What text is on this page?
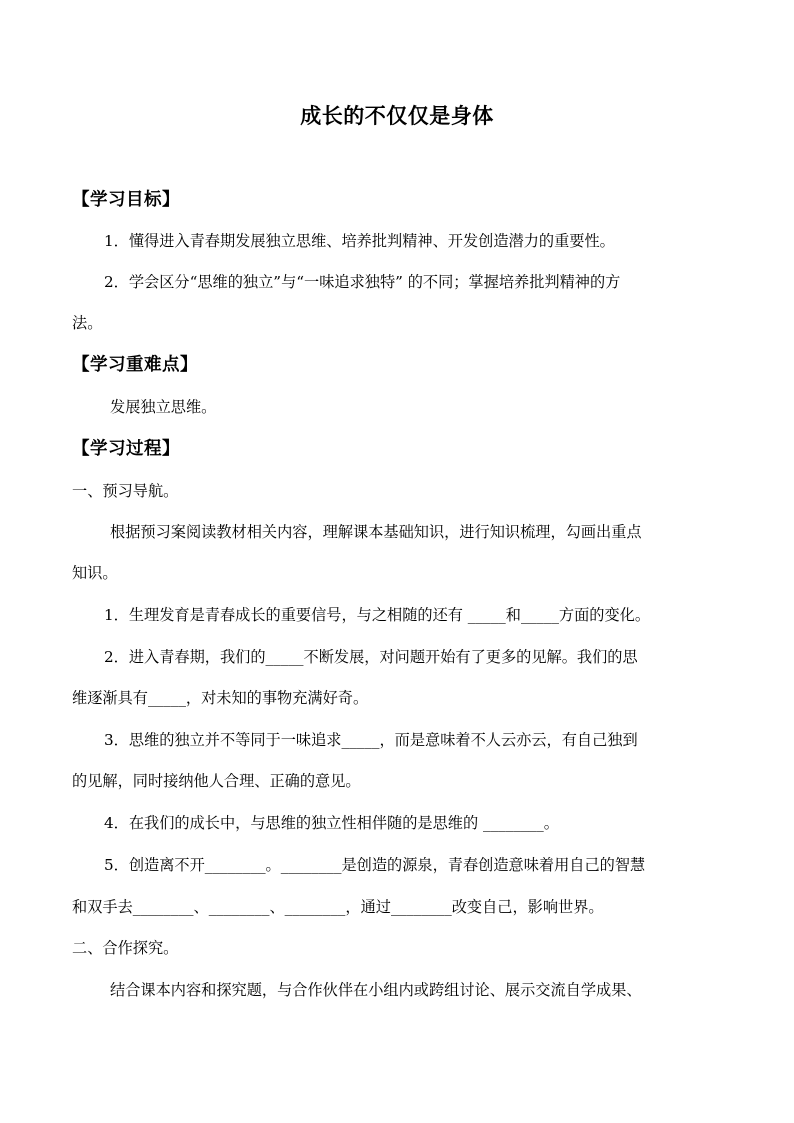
成长的不仅仅是身体
【学习目标】
1．懂得进入青春期发展独立思维、培养批判精神、开发创造潜力的重要性。
2．学会区分“思维的独立”与“一味追求独特” 的不同；掌握培养批判精神的方
法。
【学习重难点】
发展独立思维。
【学习过程】
一、预习导航。
根据预习案阅读教材相关内容，理解课本基础知识，进行知识梳理，勾画出重点
知识。
1．生理发育是青春成长的重要信号，与之相随的还有 _____和_____方面的变化。
2．进入青春期，我们的_____不断发展，对问题开始有了更多的见解。我们的思
维逐渐具有_____，对未知的事物充满好奇。
3．思维的独立并不等同于一味追求_____，而是意味着不人云亦云，有自己独到
的见解，同时接纳他人合理、正确的意见。
4．在我们的成长中，与思维的独立性相伴随的是思维的 ________。
5．创造离不开________。________是创造的源泉，青春创造意味着用自己的智慧
和双手去________、________、________，通过________改变自己，影响世界。
二、合作探究。
结合课本内容和探究题，与合作伙伴在小组内或跨组讨论、展示交流自学成果、
